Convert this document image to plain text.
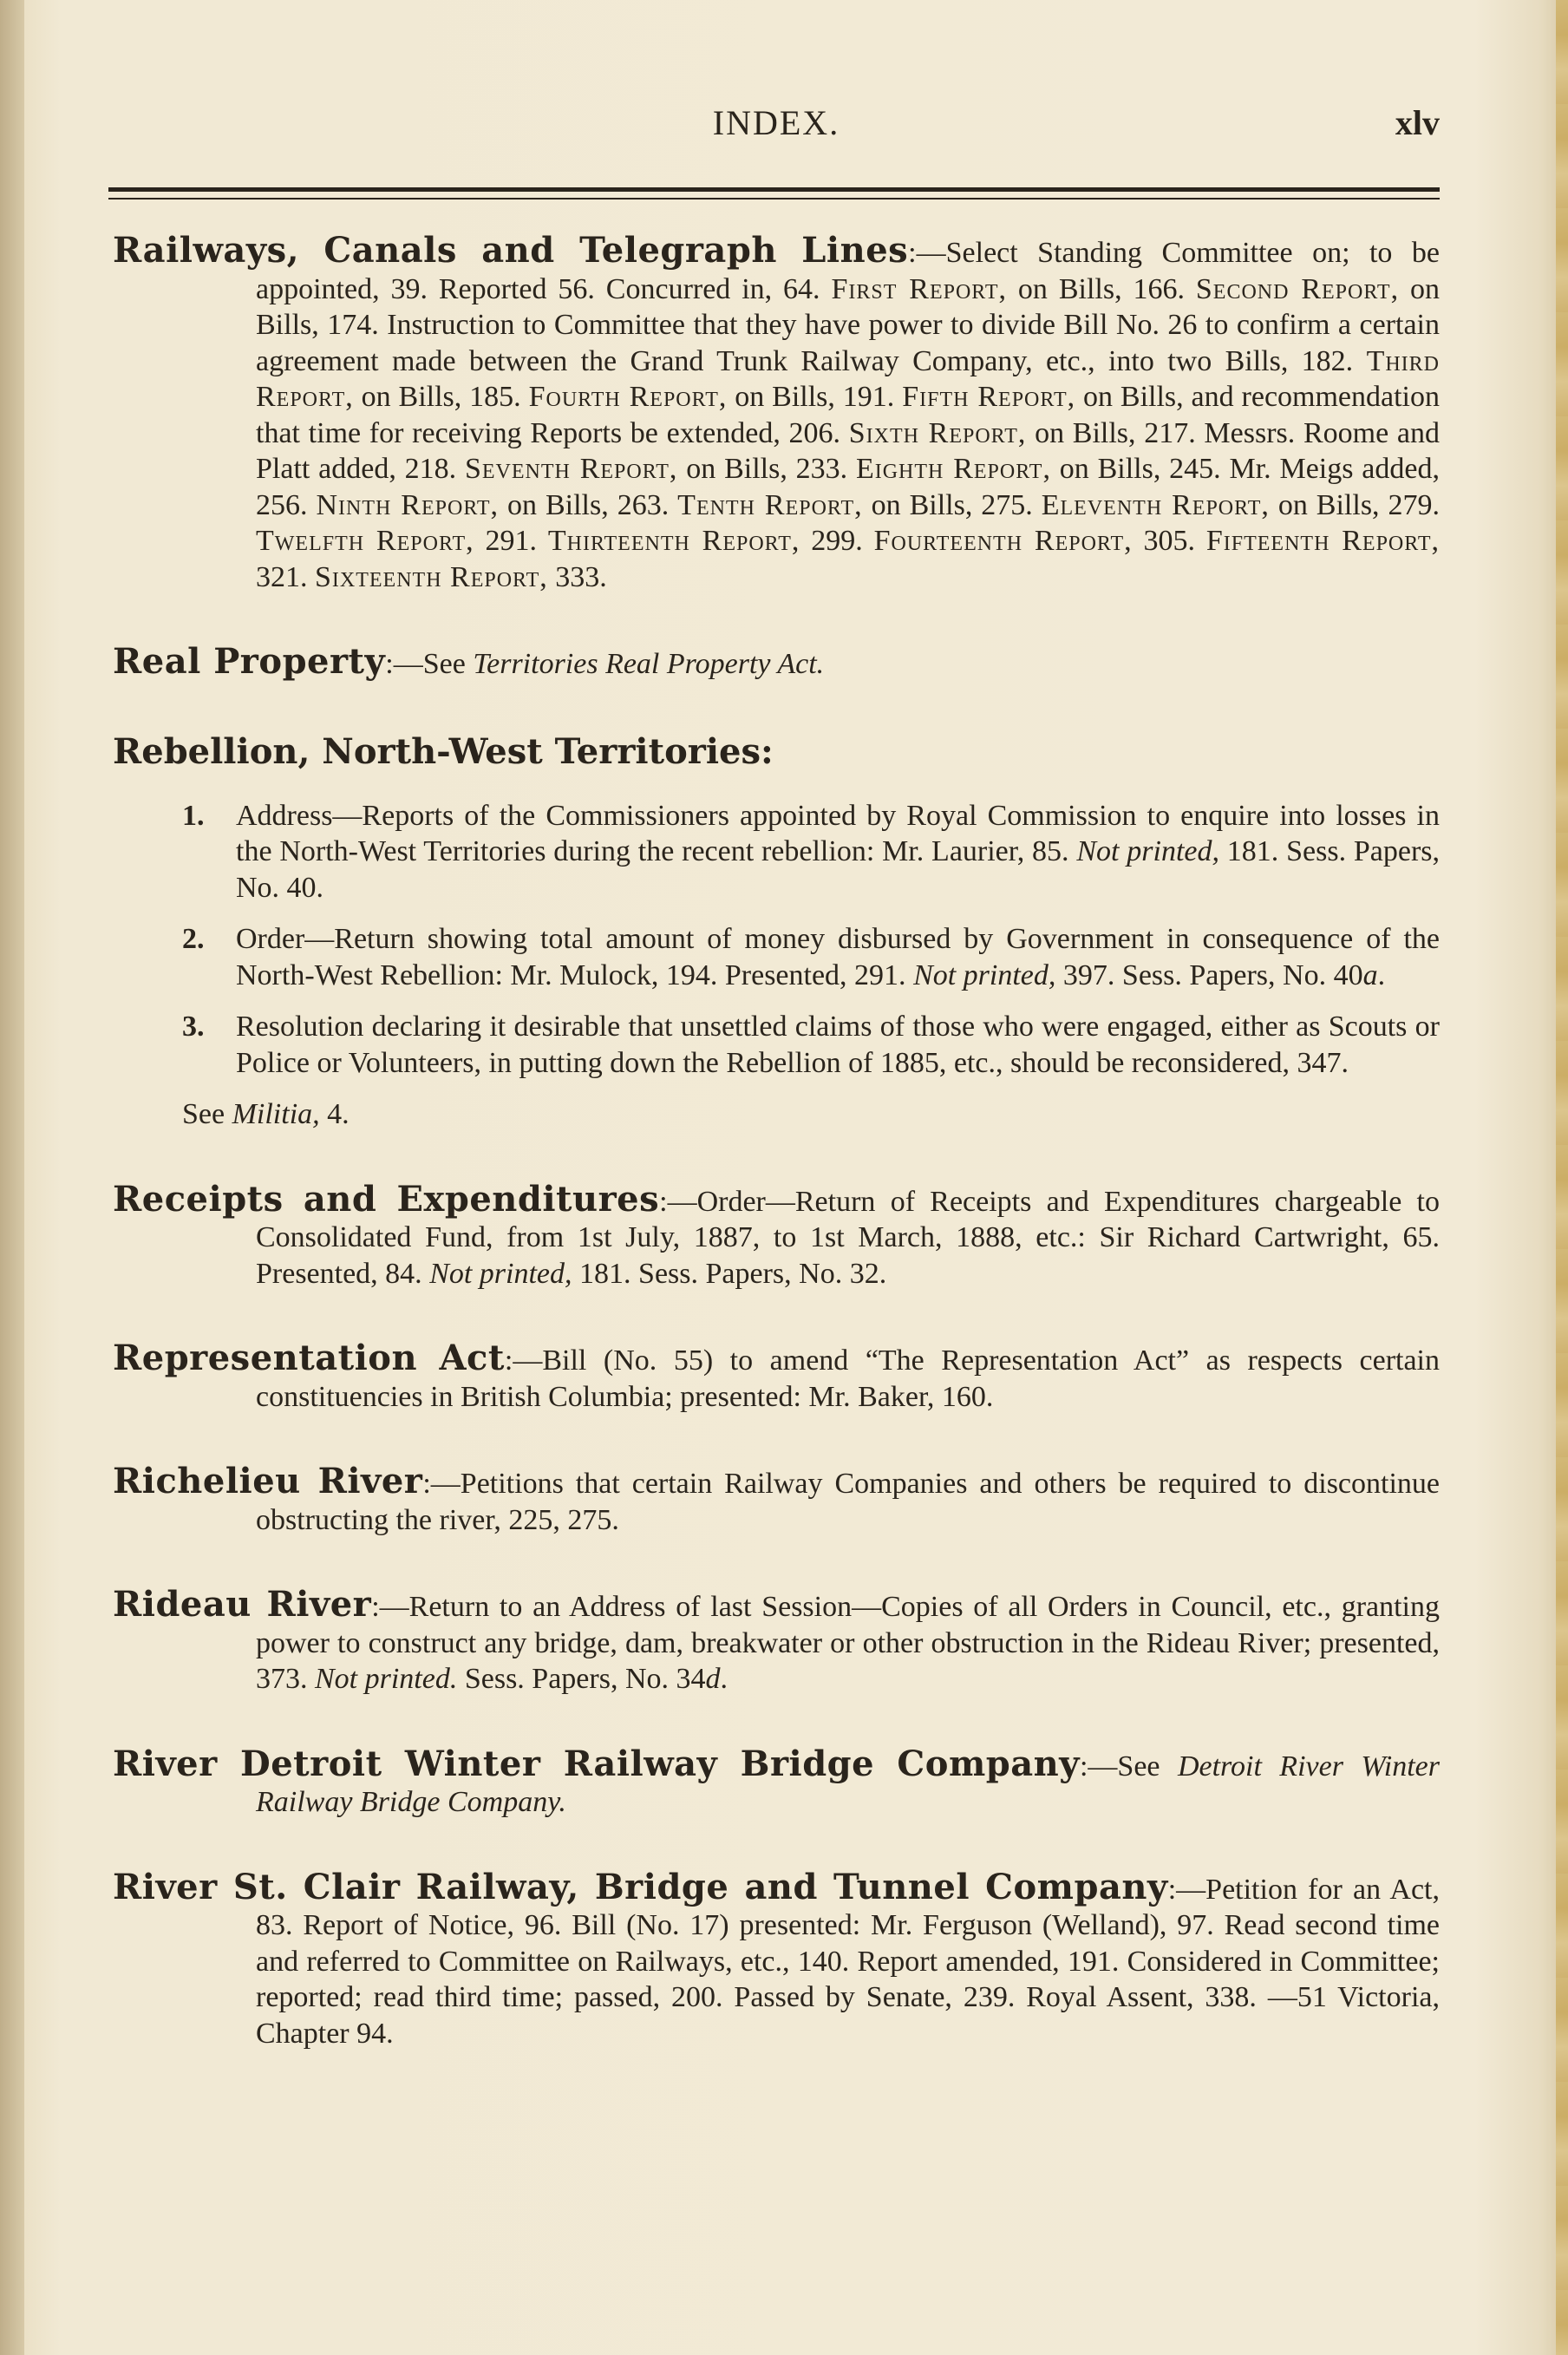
INDEX.	xlv

Railways, Canals and Telegraph Lines:—Select Standing Committee on; to be appointed, 39. Reported 56. Concurred in, 64. First Report, on Bills, 166. Second Report, on Bills, 174. Instruction to Committee that they have power to divide Bill No. 26 to confirm a certain agreement made between the Grand Trunk Railway Company, etc., into two Bills, 182. Third Report, on Bills, 185. Fourth Report, on Bills, 191. Fifth Report, on Bills, and recommendation that time for receiving Reports be extended, 206. Sixth Report, on Bills, 217. Messrs. Roome and Platt added, 218. Seventh Report, on Bills, 233. Eighth Report, on Bills, 245. Mr. Meigs added, 256. Ninth Report, on Bills, 263. Tenth Report, on Bills, 275. Eleventh Report, on Bills, 279. Twelfth Report, 291. Thirteenth Report, 299. Fourteenth Report, 305. Fifteenth Report, 321. Sixteenth Report, 333.

Real Property:—See Territories Real Property Act.

Rebellion, North-West Territories:

1. Address—Reports of the Commissioners appointed by Royal Commission to enquire into losses in the North-West Territories during the recent rebellion: Mr. Laurier, 85. Not printed, 181. Sess. Papers, No. 40.

2. Order—Return showing total amount of money disbursed by Government in consequence of the North-West Rebellion: Mr. Mulock, 194. Presented, 291. Not printed, 397. Sess. Papers, No. 40a.

3. Resolution declaring it desirable that unsettled claims of those who were engaged, either as Scouts or Police or Volunteers, in putting down the Rebellion of 1885, etc., should be reconsidered, 347.

See Militia, 4.

Receipts and Expenditures:—Order—Return of Receipts and Expenditures chargeable to Consolidated Fund, from 1st July, 1887, to 1st March, 1888, etc.: Sir Richard Cartwright, 65. Presented, 84. Not printed, 181. Sess. Papers, No. 32.

Representation Act:—Bill (No. 55) to amend “The Representation Act” as respects certain constituencies in British Columbia; presented: Mr. Baker, 160.

Richelieu River:—Petitions that certain Railway Companies and others be required to discontinue obstructing the river, 225, 275.

Rideau River:—Return to an Address of last Session—Copies of all Orders in Council, etc., granting power to construct any bridge, dam, breakwater or other obstruction in the Rideau River; presented, 373. Not printed. Sess. Papers, No. 34d.

River Detroit Winter Railway Bridge Company:—See Detroit River Winter Railway Bridge Company.

River St. Clair Railway, Bridge and Tunnel Company:—Petition for an Act, 83. Report of Notice, 96. Bill (No. 17) presented: Mr. Ferguson (Welland), 97. Read second time and referred to Committee on Railways, etc., 140. Report amended, 191. Considered in Committee; reported; read third time; passed, 200. Passed by Senate, 239. Royal Assent, 338. —51 Victoria, Chapter 94.
